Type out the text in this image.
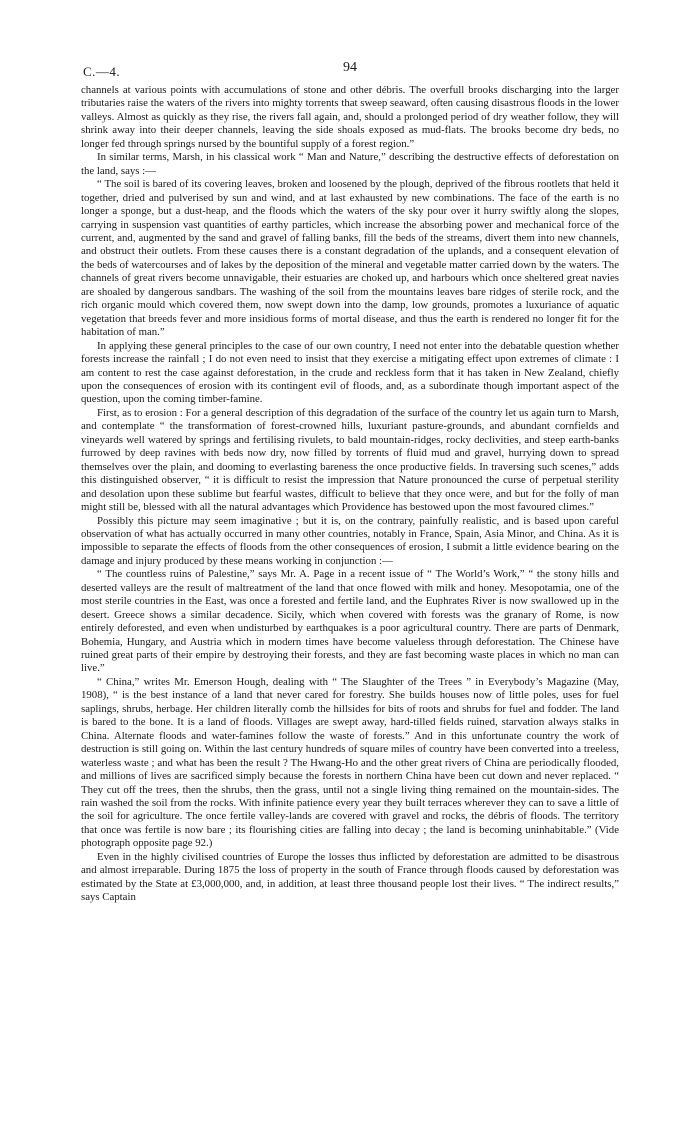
C.—4.	94

channels at various points with accumulations of stone and other débris. The overfull brooks discharging into the larger tributaries raise the waters of the rivers into mighty torrents that sweep seaward, often causing disastrous floods in the lower valleys. Almost as quickly as they rise, the rivers fall again, and, should a prolonged period of dry weather follow, they will shrink away into their deeper channels, leaving the side shoals exposed as mud-flats. The brooks become dry beds, no longer fed through springs nursed by the bountiful supply of a forest region.”

In similar terms, Marsh, in his classical work “ Man and Nature,” describing the destructive effects of deforestation on the land, says :—

“ The soil is bared of its covering leaves, broken and loosened by the plough, deprived of the fibrous rootlets that held it together, dried and pulverised by sun and wind, and at last exhausted by new combinations. The face of the earth is no longer a sponge, but a dust-heap, and the floods which the waters of the sky pour over it hurry swiftly along the slopes, carrying in suspension vast quantities of earthy particles, which increase the absorbing power and mechanical force of the current, and, augmented by the sand and gravel of falling banks, fill the beds of the streams, divert them into new channels, and obstruct their outlets. From these causes there is a constant degradation of the uplands, and a consequent elevation of the beds of watercourses and of lakes by the deposition of the mineral and vegetable matter carried down by the waters. The channels of great rivers become unnavigable, their estuaries are choked up, and harbours which once sheltered great navies are shoaled by dangerous sandbars. The washing of the soil from the mountains leaves bare ridges of sterile rock, and the rich organic mould which covered them, now swept down into the damp, low grounds, promotes a luxuriance of aquatic vegetation that breeds fever and more insidious forms of mortal disease, and thus the earth is rendered no longer fit for the habitation of man.”

In applying these general principles to the case of our own country, I need not enter into the debatable question whether forests increase the rainfall ; I do not even need to insist that they exercise a mitigating effect upon extremes of climate : I am content to rest the case against deforestation, in the crude and reckless form that it has taken in New Zealand, chiefly upon the consequences of erosion with its contingent evil of floods, and, as a subordinate though important aspect of the question, upon the coming timber-famine.

First, as to erosion : For a general description of this degradation of the surface of the country let us again turn to Marsh, and contemplate “ the transformation of forest-crowned hills, luxuriant pasture-grounds, and abundant cornfields and vineyards well watered by springs and fertilising rivulets, to bald mountain-ridges, rocky declivities, and steep earth-banks furrowed by deep ravines with beds now dry, now filled by torrents of fluid mud and gravel, hurrying down to spread themselves over the plain, and dooming to everlasting bareness the once productive fields. In traversing such scenes,” adds this distinguished observer, “ it is difficult to resist the impression that Nature pronounced the curse of perpetual sterility and desolation upon these sublime but fearful wastes, difficult to believe that they once were, and but for the folly of man might still be, blessed with all the natural advantages which Providence has bestowed upon the most favoured climes.”

Possibly this picture may seem imaginative ; but it is, on the contrary, painfully realistic, and is based upon careful observation of what has actually occurred in many other countries, notably in France, Spain, Asia Minor, and China. As it is impossible to separate the effects of floods from the other consequences of erosion, I submit a little evidence bearing on the damage and injury produced by these means working in conjunction :—

“ The countless ruins of Palestine,” says Mr. A. Page in a recent issue of “ The World’s Work,” “ the stony hills and deserted valleys are the result of maltreatment of the land that once flowed with milk and honey. Mesopotamia, one of the most sterile countries in the East, was once a forested and fertile land, and the Euphrates River is now swallowed up in the desert. Greece shows a similar decadence. Sicily, which when covered with forests was the granary of Rome, is now entirely deforested, and even when undisturbed by earthquakes is a poor agricultural country. There are parts of Denmark, Bohemia, Hungary, and Austria which in modern times have become valueless through deforestation. The Chinese have ruined great parts of their empire by destroying their forests, and they are fast becoming waste places in which no man can live.”

“ China,” writes Mr. Emerson Hough, dealing with “ The Slaughter of the Trees ” in Everybody’s Magazine (May, 1908), “ is the best instance of a land that never cared for forestry. She builds houses now of little poles, uses for fuel saplings, shrubs, herbage. Her children literally comb the hillsides for bits of roots and shrubs for fuel and fodder. The land is bared to the bone. It is a land of floods. Villages are swept away, hard-tilled fields ruined, starvation always stalks in China. Alternate floods and water-famines follow the waste of forests.” And in this unfortunate country the work of destruction is still going on. Within the last century hundreds of square miles of country have been converted into a treeless, waterless waste ; and what has been the result ? The Hwang-Ho and the other great rivers of China are periodically flooded, and millions of lives are sacrificed simply because the forests in northern China have been cut down and never replaced. “ They cut off the trees, then the shrubs, then the grass, until not a single living thing remained on the mountain-sides. The rain washed the soil from the rocks. With infinite patience every year they built terraces wherever they can to save a little of the soil for agriculture. The once fertile valley-lands are covered with gravel and rocks, the débris of floods. The territory that once was fertile is now bare ; its flourishing cities are falling into decay ; the land is becoming uninhabitable.” (Vide photograph opposite page 92.)

Even in the highly civilised countries of Europe the losses thus inflicted by deforestation are admitted to be disastrous and almost irreparable. During 1875 the loss of property in the south of France through floods caused by deforestation was estimated by the State at £3,000,000, and, in addition, at least three thousand people lost their lives. “ The indirect results,” says Captain
